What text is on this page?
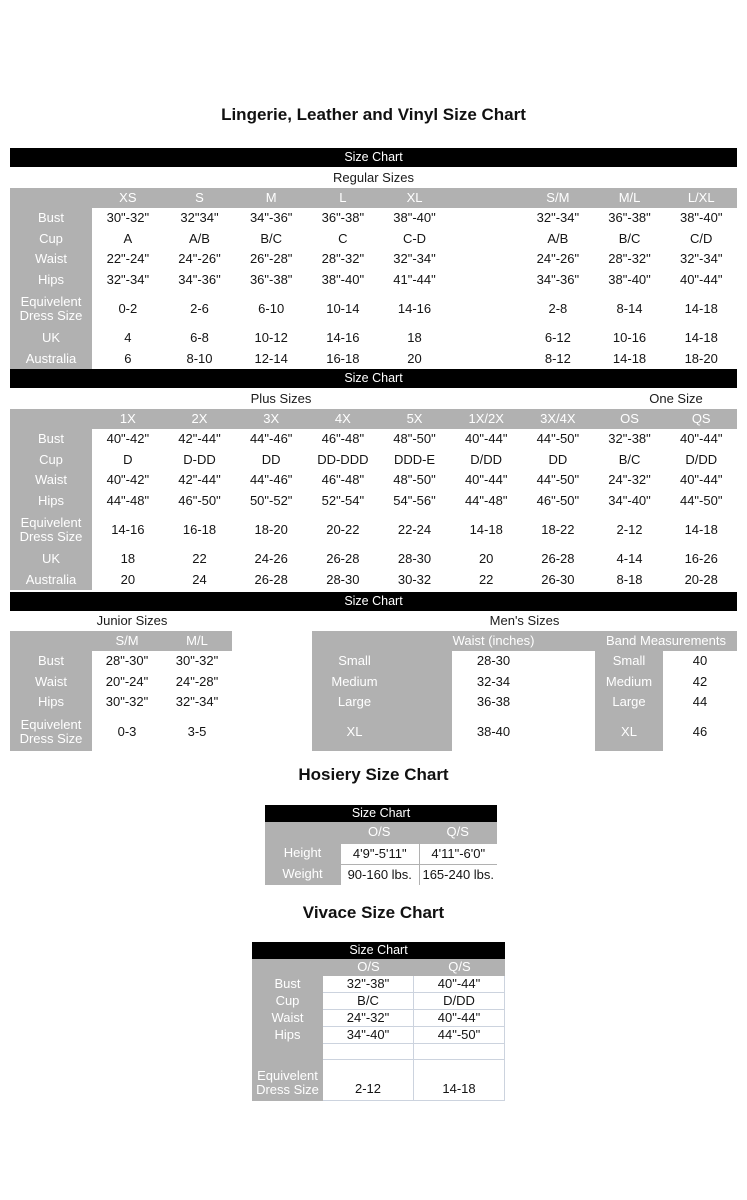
Lingerie, Leather and Vinyl Size Chart
Size Chart
Regular Sizes
XS	S	M	L	XL	S/M	M/L	L/XL
Bust	30"-32"	32"34"	34"-36"	36"-38"	38"-40"	32"-34"	36"-38"	38"-40"
Cup	A	A/B	B/C	C	C-D	A/B	B/C	C/D
Waist	22"-24"	24"-26"	26"-28"	28"-32"	32"-34"	24"-26"	28"-32"	32"-34"
Hips	32"-34"	34"-36"	36"-38"	38"-40"	41"-44"	34"-36"	38"-40"	40"-44"
Equivelent Dress Size	0-2	2-6	6-10	10-14	14-16	2-8	8-14	14-18
UK	4	6-8	10-12	14-16	18	6-12	10-16	14-18
Australia	6	8-10	12-14	16-18	20	8-12	14-18	18-20
Size Chart
Plus Sizes	One Size
1X	2X	3X	4X	5X	1X/2X	3X/4X	OS	QS
Bust	40"-42"	42"-44"	44"-46"	46"-48"	48"-50"	40"-44"	44"-50"	32"-38"	40"-44"
Cup	D	D-DD	DD	DD-DDD	DDD-E	D/DD	DD	B/C	D/DD
Waist	40"-42"	42"-44"	44"-46"	46"-48"	48"-50"	40"-44"	44"-50"	24"-32"	40"-44"
Hips	44"-48"	46"-50"	50"-52"	52"-54"	54"-56"	44"-48"	46"-50"	34"-40"	44"-50"
Equivelent Dress Size	14-16	16-18	18-20	20-22	22-24	14-18	18-22	2-12	14-18
UK	18	22	24-26	26-28	28-30	20	26-28	4-14	16-26
Australia	20	24	26-28	28-30	30-32	22	26-30	8-18	20-28
Size Chart
Junior Sizes
S/M	M/L
Bust	28"-30"	30"-32"
Waist	20"-24"	24"-28"
Hips	30"-32"	32"-34"
Equivelent Dress Size	0-3	3-5
Men's Sizes
Waist (inches)	Band Measurements
Small	28-30	Small	40
Medium	32-34	Medium	42
Large	36-38	Large	44
XL	38-40	XL	46
Hosiery Size Chart
Size Chart
O/S	Q/S
Height	4'9"-5'11"	4'11"-6'0"
Weight	90-160 lbs. 165-240 lbs.
Vivace Size Chart
Size Chart
O/S	Q/S
Bust	32"-38"	40"-44"
Cup	B/C	D/DD
Waist	24"-32"	40"-44"
Hips	34"-40"	44"-50"
Equivelent Dress Size	2-12	14-18
